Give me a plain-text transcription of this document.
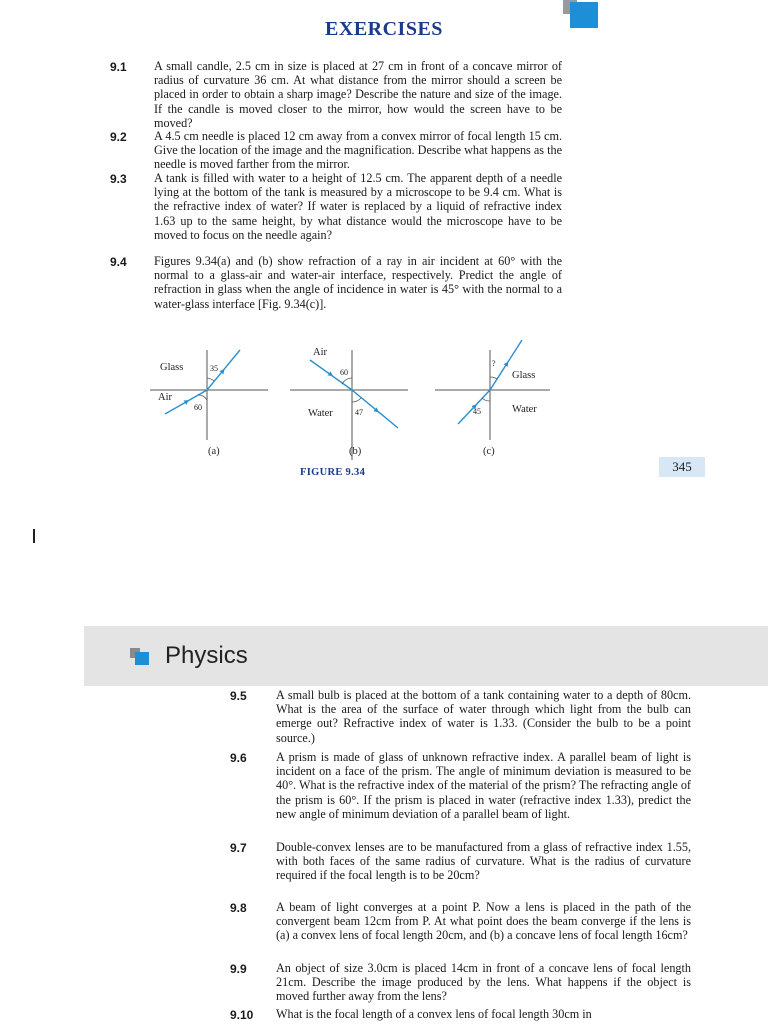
EXERCISES
9.1 A small candle, 2.5 cm in size is placed at 27 cm in front of a concave mirror of radius of curvature 36 cm. At what distance from the mirror should a screen be placed in order to obtain a sharp image? Describe the nature and size of the image. If the candle is moved closer to the mirror, how would the screen have to be moved?
9.2 A 4.5 cm needle is placed 12 cm away from a convex mirror of focal length 15 cm. Give the location of the image and the magnification. Describe what happens as the needle is moved farther from the mirror.
9.3 A tank is filled with water to a height of 12.5 cm. The apparent depth of a needle lying at the bottom of the tank is measured by a microscope to be 9.4 cm. What is the refractive index of water? If water is replaced by a liquid of refractive index 1.63 up to the same height, by what distance would the microscope have to be moved to focus on the needle again?
9.4 Figures 9.34(a) and (b) show refraction of a ray in air incident at 60° with the normal to a glass-air and water-air interface, respectively. Predict the angle of refraction in glass when the angle of incidence in water is 45° with the normal to a water-glass interface [Fig. 9.34(c)].
Glass
Air
35
60
(a)
Air
Water
60
47
(b)
Glass
Water
?
45
(c)
FIGURE 9.34	345
Physics
9.5 A small bulb is placed at the bottom of a tank containing water to a depth of 80cm. What is the area of the surface of water through which light from the bulb can emerge out? Refractive index of water is 1.33. (Consider the bulb to be a point source.)
9.6 A prism is made of glass of unknown refractive index. A parallel beam of light is incident on a face of the prism. The angle of minimum deviation is measured to be 40°. What is the refractive index of the material of the prism? The refracting angle of the prism is 60°. If the prism is placed in water (refractive index 1.33), predict the new angle of minimum deviation of a parallel beam of light.
9.7 Double-convex lenses are to be manufactured from a glass of refractive index 1.55, with both faces of the same radius of curvature. What is the radius of curvature required if the focal length is to be 20cm?
9.8 A beam of light converges at a point P. Now a lens is placed in the path of the convergent beam 12cm from P. At what point does the beam converge if the lens is (a) a convex lens of focal length 20cm, and (b) a concave lens of focal length 16cm?
9.9 An object of size 3.0cm is placed 14cm in front of a concave lens of focal length 21cm. Describe the image produced by the lens. What happens if the object is moved further away from the lens?
9.10 What is the focal length of a convex lens of focal length 30cm in
